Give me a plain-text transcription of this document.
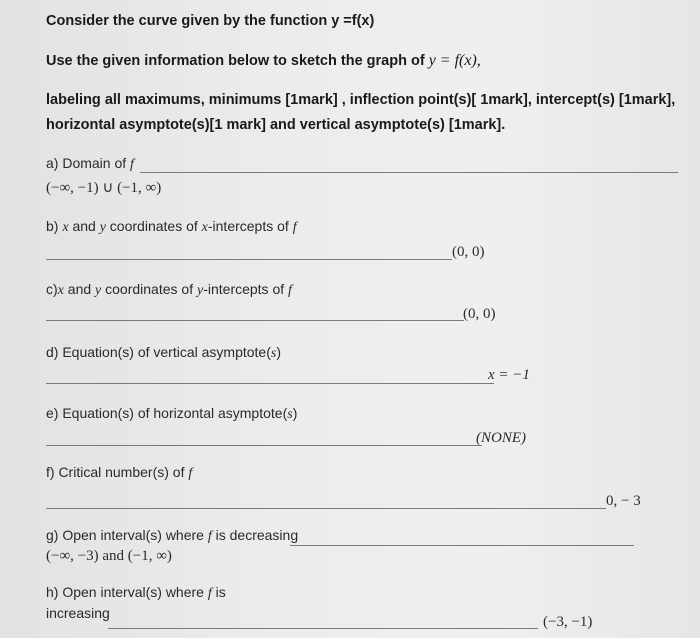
Consider the curve given by the function y =f(x)
Use the given information below to sketch the graph of y = f(x),
labeling all maximums, minimums [1mark] , inflection point(s)[ 1mark], intercept(s) [1mark],
horizontal asymptote(s)[1 mark] and vertical asymptote(s) [1mark].
a) Domain of f
(−∞, −1) ∪ (−1, ∞)
b) x and y coordinates of x-intercepts of f
(0, 0)
c)x and y coordinates of y-intercepts of f
(0, 0)
d) Equation(s) of vertical asymptote(s)
x = −1
e) Equation(s) of horizontal asymptote(s)
(NONE)
f) Critical number(s) of f
0, − 3
g) Open interval(s) where f is decreasing
(−∞, −3) and (−1, ∞)
h) Open interval(s) where f is
increasing
(−3, −1)
